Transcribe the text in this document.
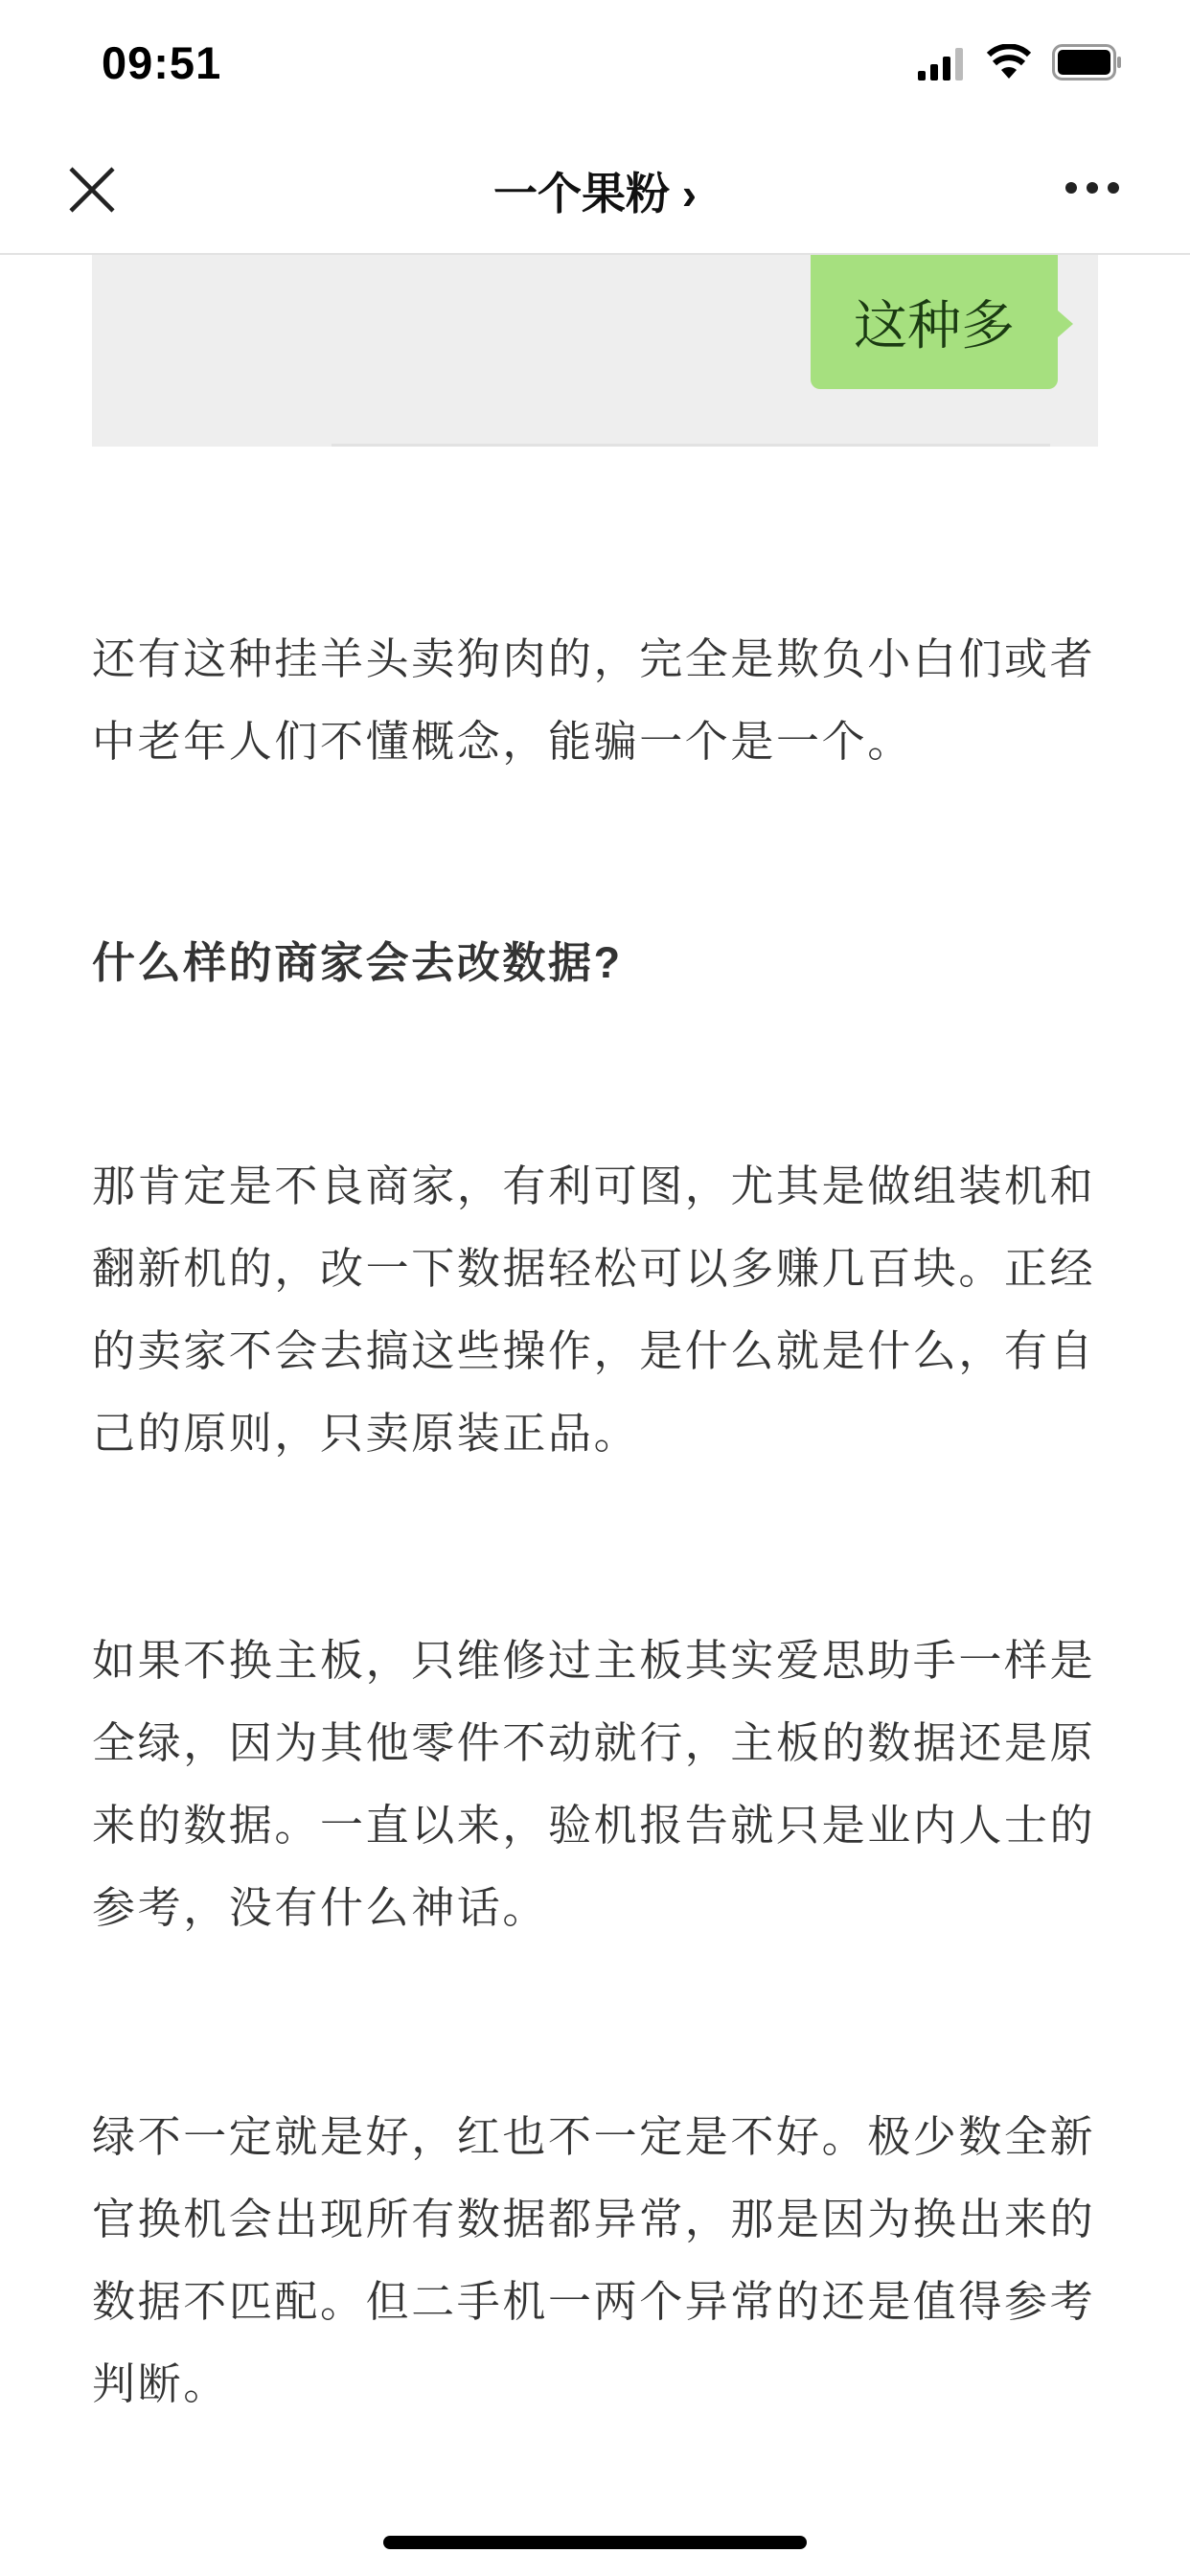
09:51
一个果粉 ›
这种多
还有这种挂羊头卖狗肉的，完全是欺负小白们或者
中老年人们不懂概念，能骗一个是一个。
什么样的商家会去改数据?
那肯定是不良商家，有利可图，尤其是做组装机和
翻新机的，改一下数据轻松可以多赚几百块。正经
的卖家不会去搞这些操作，是什么就是什么，有自
己的原则，只卖原装正品。
如果不换主板，只维修过主板其实爱思助手一样是
全绿，因为其他零件不动就行，主板的数据还是原
来的数据。一直以来，验机报告就只是业内人士的
参考，没有什么神话。
绿不一定就是好，红也不一定是不好。极少数全新
官换机会出现所有数据都异常，那是因为换出来的
数据不匹配。但二手机一两个异常的还是值得参考
判断。
